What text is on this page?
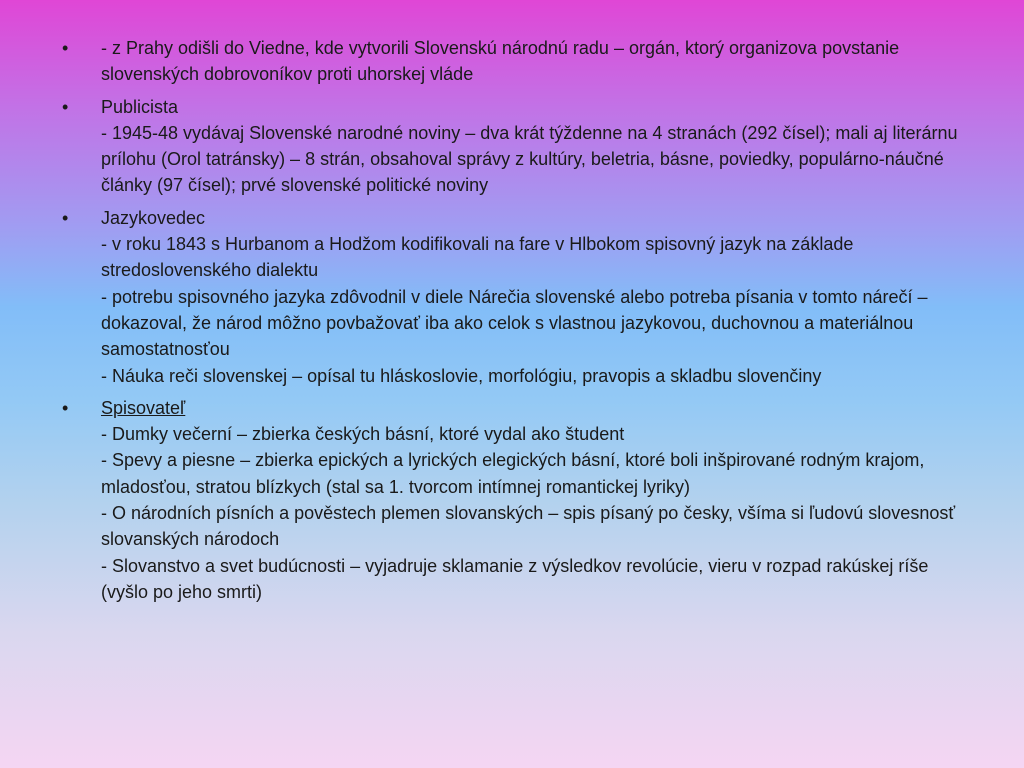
• - z Prahy odišli do Viedne, kde vytvorili Slovenskú národnú radu – orgán, ktorý organizova povstanie slovenských dobrovoníkov proti uhorskej vláde
• Publicista
- 1945-48 vydávaj Slovenské narodné noviny – dva krát týždenne na 4 stranách (292 čísel); mali aj literárnu prílohu (Orol tatránsky) – 8 strán, obsahoval správy z kultúry, beletria, básne, poviedky, populárno-náučné články (97 čísel); prvé slovenské politické noviny
• Jazykovedec
- v roku 1843 s Hurbanom a Hodžom kodifikovali na fare v Hlbokom spisovný jazyk na základe stredoslovenského dialektu
- potrebu spisovného jazyka zdôvodnil v diele Nárečia slovenské alebo potreba písania v tomto nárečí – dokazoval, že národ môžno povbažovať iba ako celok s vlastnou jazykovou, duchovnou a materiálnou samostatnosťou
- Náuka reči slovenskej – opísal tu hláskoslovie, morfológiu, pravopis a skladbu slovenčiny
• Spisovateľ
- Dumky večerní – zbierka českých básní, ktoré vydal ako študent
- Spevy a piesne – zbierka epických a lyrických elegických básní, ktoré boli inšpirované rodným krajom, mladosťou, stratou blízkych (stal sa 1. tvorcom intímnej romantickej lyriky)
- O národních písních a pověstech plemen slovanských – spis písaný po česky, všíma si ľudovú slovesnosť slovanských národoch
- Slovanstvo a svet budúcnosti – vyjadruje sklamanie z výsledkov revolúcie, vieru v rozpad rakúskej ríše (vyšlo po jeho smrti)
